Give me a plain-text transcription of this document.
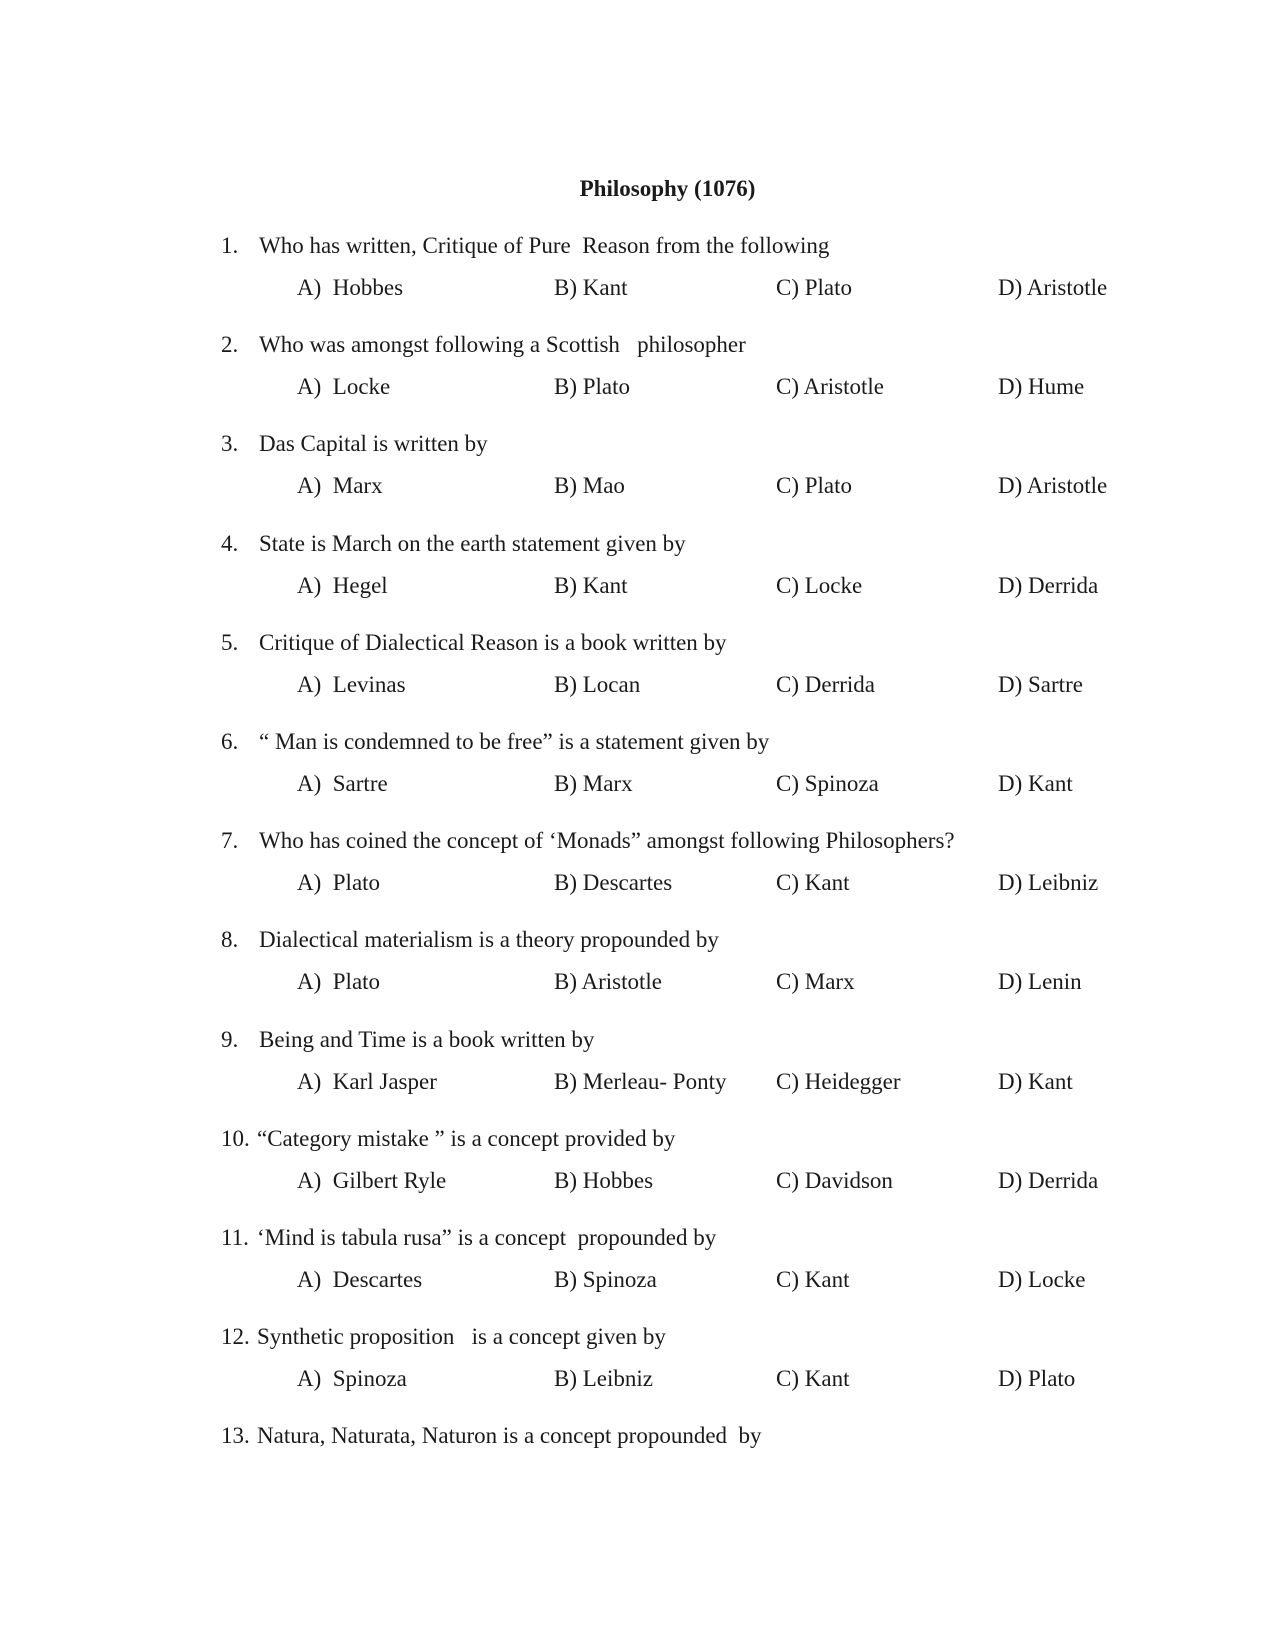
Philosophy (1076)
1. Who has written, Critique of Pure  Reason from the following
A)  Hobbes	B) Kant	C) Plato	D) Aristotle
2. Who was amongst following a Scottish   philosopher
A)  Locke	B) Plato	C) Aristotle	D) Hume
3. Das Capital is written by
A)  Marx	B) Mao	C) Plato	D) Aristotle
4. State is March on the earth statement given by
A)  Hegel	B) Kant	C) Locke	D) Derrida
5. Critique of Dialectical Reason is a book written by
A)  Levinas	B) Locan	C) Derrida	D) Sartre
6. “ Man is condemned to be free” is a statement given by
A)  Sartre	B) Marx	C) Spinoza	D) Kant
7. Who has coined the concept of ‘Monads” amongst following Philosophers?
A)  Plato	B) Descartes	C) Kant	D) Leibniz
8. Dialectical materialism is a theory propounded by
A)  Plato	B) Aristotle	C) Marx	D) Lenin
9. Being and Time is a book written by
A)  Karl Jasper	B) Merleau- Ponty C) Heidegger	D) Kant
10. “Category mistake ” is a concept provided by
A)  Gilbert Ryle	B) Hobbes	C) Davidson	D) Derrida
11. ‘Mind is tabula rusa” is a concept  propounded by
A)  Descartes	B) Spinoza	C) Kant	D) Locke
12. Synthetic proposition   is a concept given by
A)  Spinoza	B) Leibniz	C) Kant	D) Plato
13. Natura, Naturata, Naturon is a concept propounded  by
